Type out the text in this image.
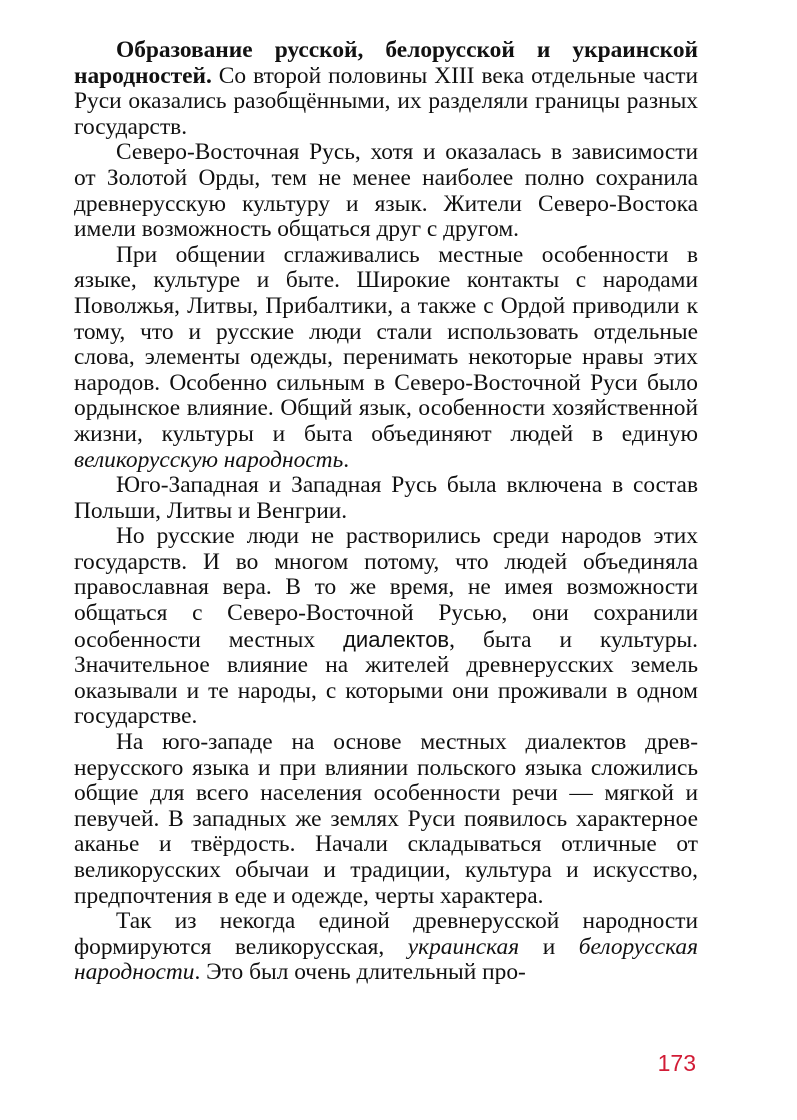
Образование русской, белорусской и украинской народностей. Со второй половины XIII века отдельные части Руси оказались разобщёнными, их разделяли границы разных государств.

Северо-Восточная Русь, хотя и оказалась в зависимости от Золотой Орды, тем не менее наиболее полно сохранила древнерусскую культуру и язык. Жители Северо-Востока имели возможность общаться друг с другом.

При общении сглаживались местные особенности в языке, культуре и быте. Широкие контакты с народами Поволжья, Литвы, Прибалтики, а также с Ордой приводили к тому, что и русские люди стали использовать отдельные слова, элементы одежды, перенимать некоторые нравы этих народов. Особенно сильным в Северо-Восточной Руси было ордынское влияние. Общий язык, особенности хозяйственной жизни, культуры и быта объединяют людей в единую великорусскую народность.

Юго-Западная и Западная Русь была включена в состав Польши, Литвы и Венгрии.

Но русские люди не растворились среди народов этих государств. И во многом потому, что людей объединяла православная вера. В то же время, не имея возможности общаться с Северо-Восточной Русью, они сохранили особенности местных диалектов, быта и культуры. Значительное влияние на жителей древнерусских земель оказывали и те народы, с которыми они проживали в одном государстве.

На юго-западе на основе местных диалектов древнерусского языка и при влиянии польского языка сложились общие для всего населения особенности речи — мягкой и певучей. В западных же землях Руси появилось характерное аканье и твёрдость. Начали складываться отличные от великорусских обычаи и традиции, культура и искусство, предпочтения в еде и одежде, черты характера.

Так из некогда единой древнерусской народности формируются великорусская, украинская и белорусская народности. Это был очень длительный про-

173
